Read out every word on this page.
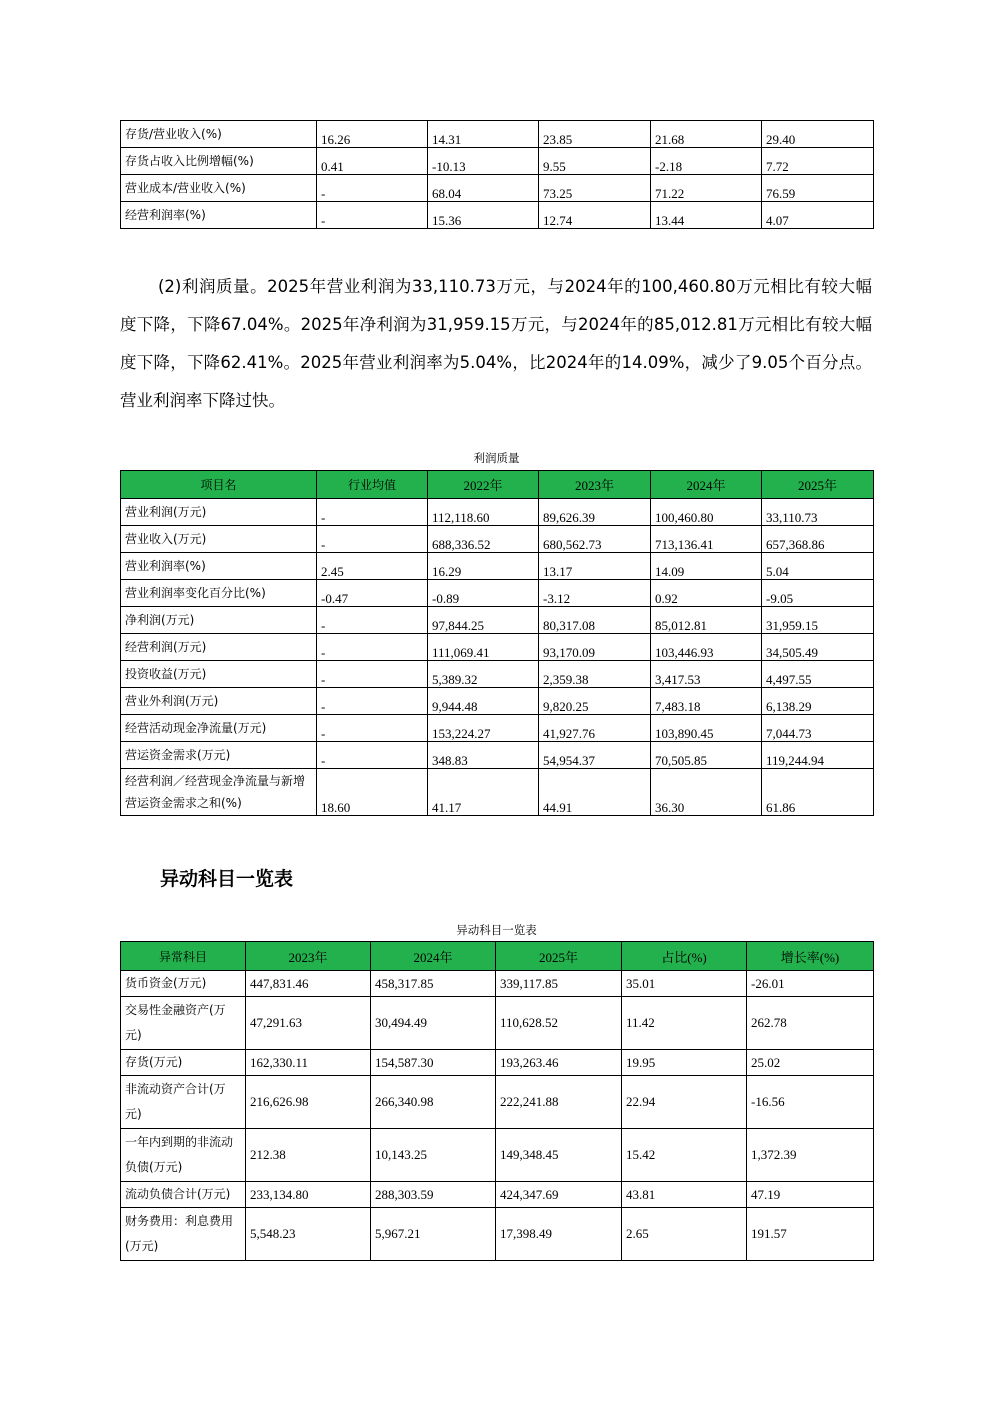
存货/营业收入(%)	16.26	14.31	23.85	21.68	29.40
存货占收入比例增幅(%)	0.41	-10.13	9.55	-2.18	7.72
营业成本/营业收入(%)	-	68.04	73.25	71.22	76.59
经营利润率(%)	-	15.36	12.74	13.44	4.07

(2)利润质量。2025年营业利润为33,110.73万元，与2024年的100,460.80万元相比有较大幅度下降，下降67.04%。2025年净利润为31,959.15万元，与2024年的85,012.81万元相比有较大幅度下降，下降62.41%。2025年营业利润率为5.04%，比2024年的14.09%，减少了9.05个百分点。营业利润率下降过快。

利润质量
项目名	行业均值	2022年	2023年	2024年	2025年
营业利润(万元)	-	112,118.60	89,626.39	100,460.80	33,110.73
营业收入(万元)	-	688,336.52	680,562.73	713,136.41	657,368.86
营业利润率(%)	2.45	16.29	13.17	14.09	5.04
营业利润率变化百分比(%)	-0.47	-0.89	-3.12	0.92	-9.05
净利润(万元)	-	97,844.25	80,317.08	85,012.81	31,959.15
经营利润(万元)	-	111,069.41	93,170.09	103,446.93	34,505.49
投资收益(万元)	-	5,389.32	2,359.38	3,417.53	4,497.55
营业外利润(万元)	-	9,944.48	9,820.25	7,483.18	6,138.29
经营活动现金净流量(万元)	-	153,224.27	41,927.76	103,890.45	7,044.73
营运资金需求(万元)	-	348.83	54,954.37	70,505.85	119,244.94
经营利润／经营现金净流量与新增营运资金需求之和(%)	18.60	41.17	44.91	36.30	61.86
异动科目一览表
异动科目一览表
异常科目	2023年	2024年	2025年	占比(%)	增长率(%)
货币资金(万元)	447,831.46	458,317.85	339,117.85	35.01	-26.01
交易性金融资产(万元)	47,291.63	30,494.49	110,628.52	11.42	262.78
存货(万元)	162,330.11	154,587.30	193,263.46	19.95	25.02
非流动资产合计(万元)	216,626.98	266,340.98	222,241.88	22.94	-16.56
一年内到期的非流动负债(万元)	212.38	10,143.25	149,348.45	15.42	1,372.39
流动负债合计(万元)	233,134.80	288,303.59	424,347.69	43.81	47.19
财务费用：利息费用(万元)	5,548.23	5,967.21	17,398.49	2.65	191.57
